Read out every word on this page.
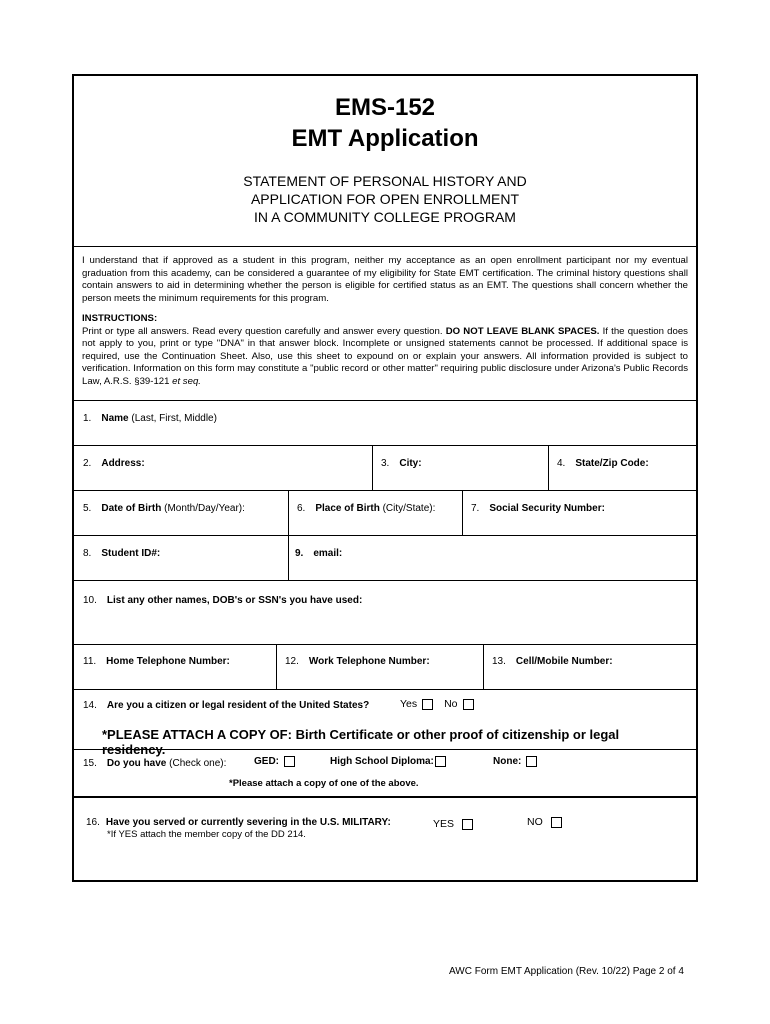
EMS-152
EMT Application
STATEMENT OF PERSONAL HISTORY AND
APPLICATION FOR OPEN ENROLLMENT
IN A COMMUNITY COLLEGE PROGRAM
I understand that if approved as a student in this program, neither my acceptance as an open enrollment participant nor my eventual graduation from this academy, can be considered a guarantee of my eligibility for State EMT certification. The criminal history questions shall contain answers to aid in determining whether the person is eligible for certified status as an EMT. The questions shall concern whether the person meets the minimum requirements for this program.
INSTRUCTIONS:
Print or type all answers. Read every question carefully and answer every question. DO NOT LEAVE BLANK SPACES. If the question does not apply to you, print or type "DNA" in that answer block. Incomplete or unsigned statements cannot be processed. If additional space is required, use the Continuation Sheet. Also, use this sheet to expound on or explain your answers. All information provided is subject to verification. Information on this form may constitute a "public record or other matter" requiring public disclosure under Arizona's Public Records Law, A.R.S. §39-121 et seq.
1. Name (Last, First, Middle)
2. Address:	3. City:	4. State/Zip Code:
5. Date of Birth (Month/Day/Year):	6. Place of Birth (City/State):	7. Social Security Number:
8. Student ID#:	9. email:
10. List any other names, DOB's or SSN's you have used:
11. Home Telephone Number:	12. Work Telephone Number:	13. Cell/Mobile Number:
14. Are you a citizen or legal resident of the United States?	Yes	No
*PLEASE ATTACH A COPY OF: Birth Certificate or other proof of citizenship or legal residency.
15. Do you have (Check one):	GED:	High School Diploma:	None:
*Please attach a copy of one of the above.
16. Have you served or currently severing in the U.S. MILITARY:
*If YES attach the member copy of the DD 214.
YES	NO
AWC Form EMT Application (Rev. 10/22) Page 2 of 4
